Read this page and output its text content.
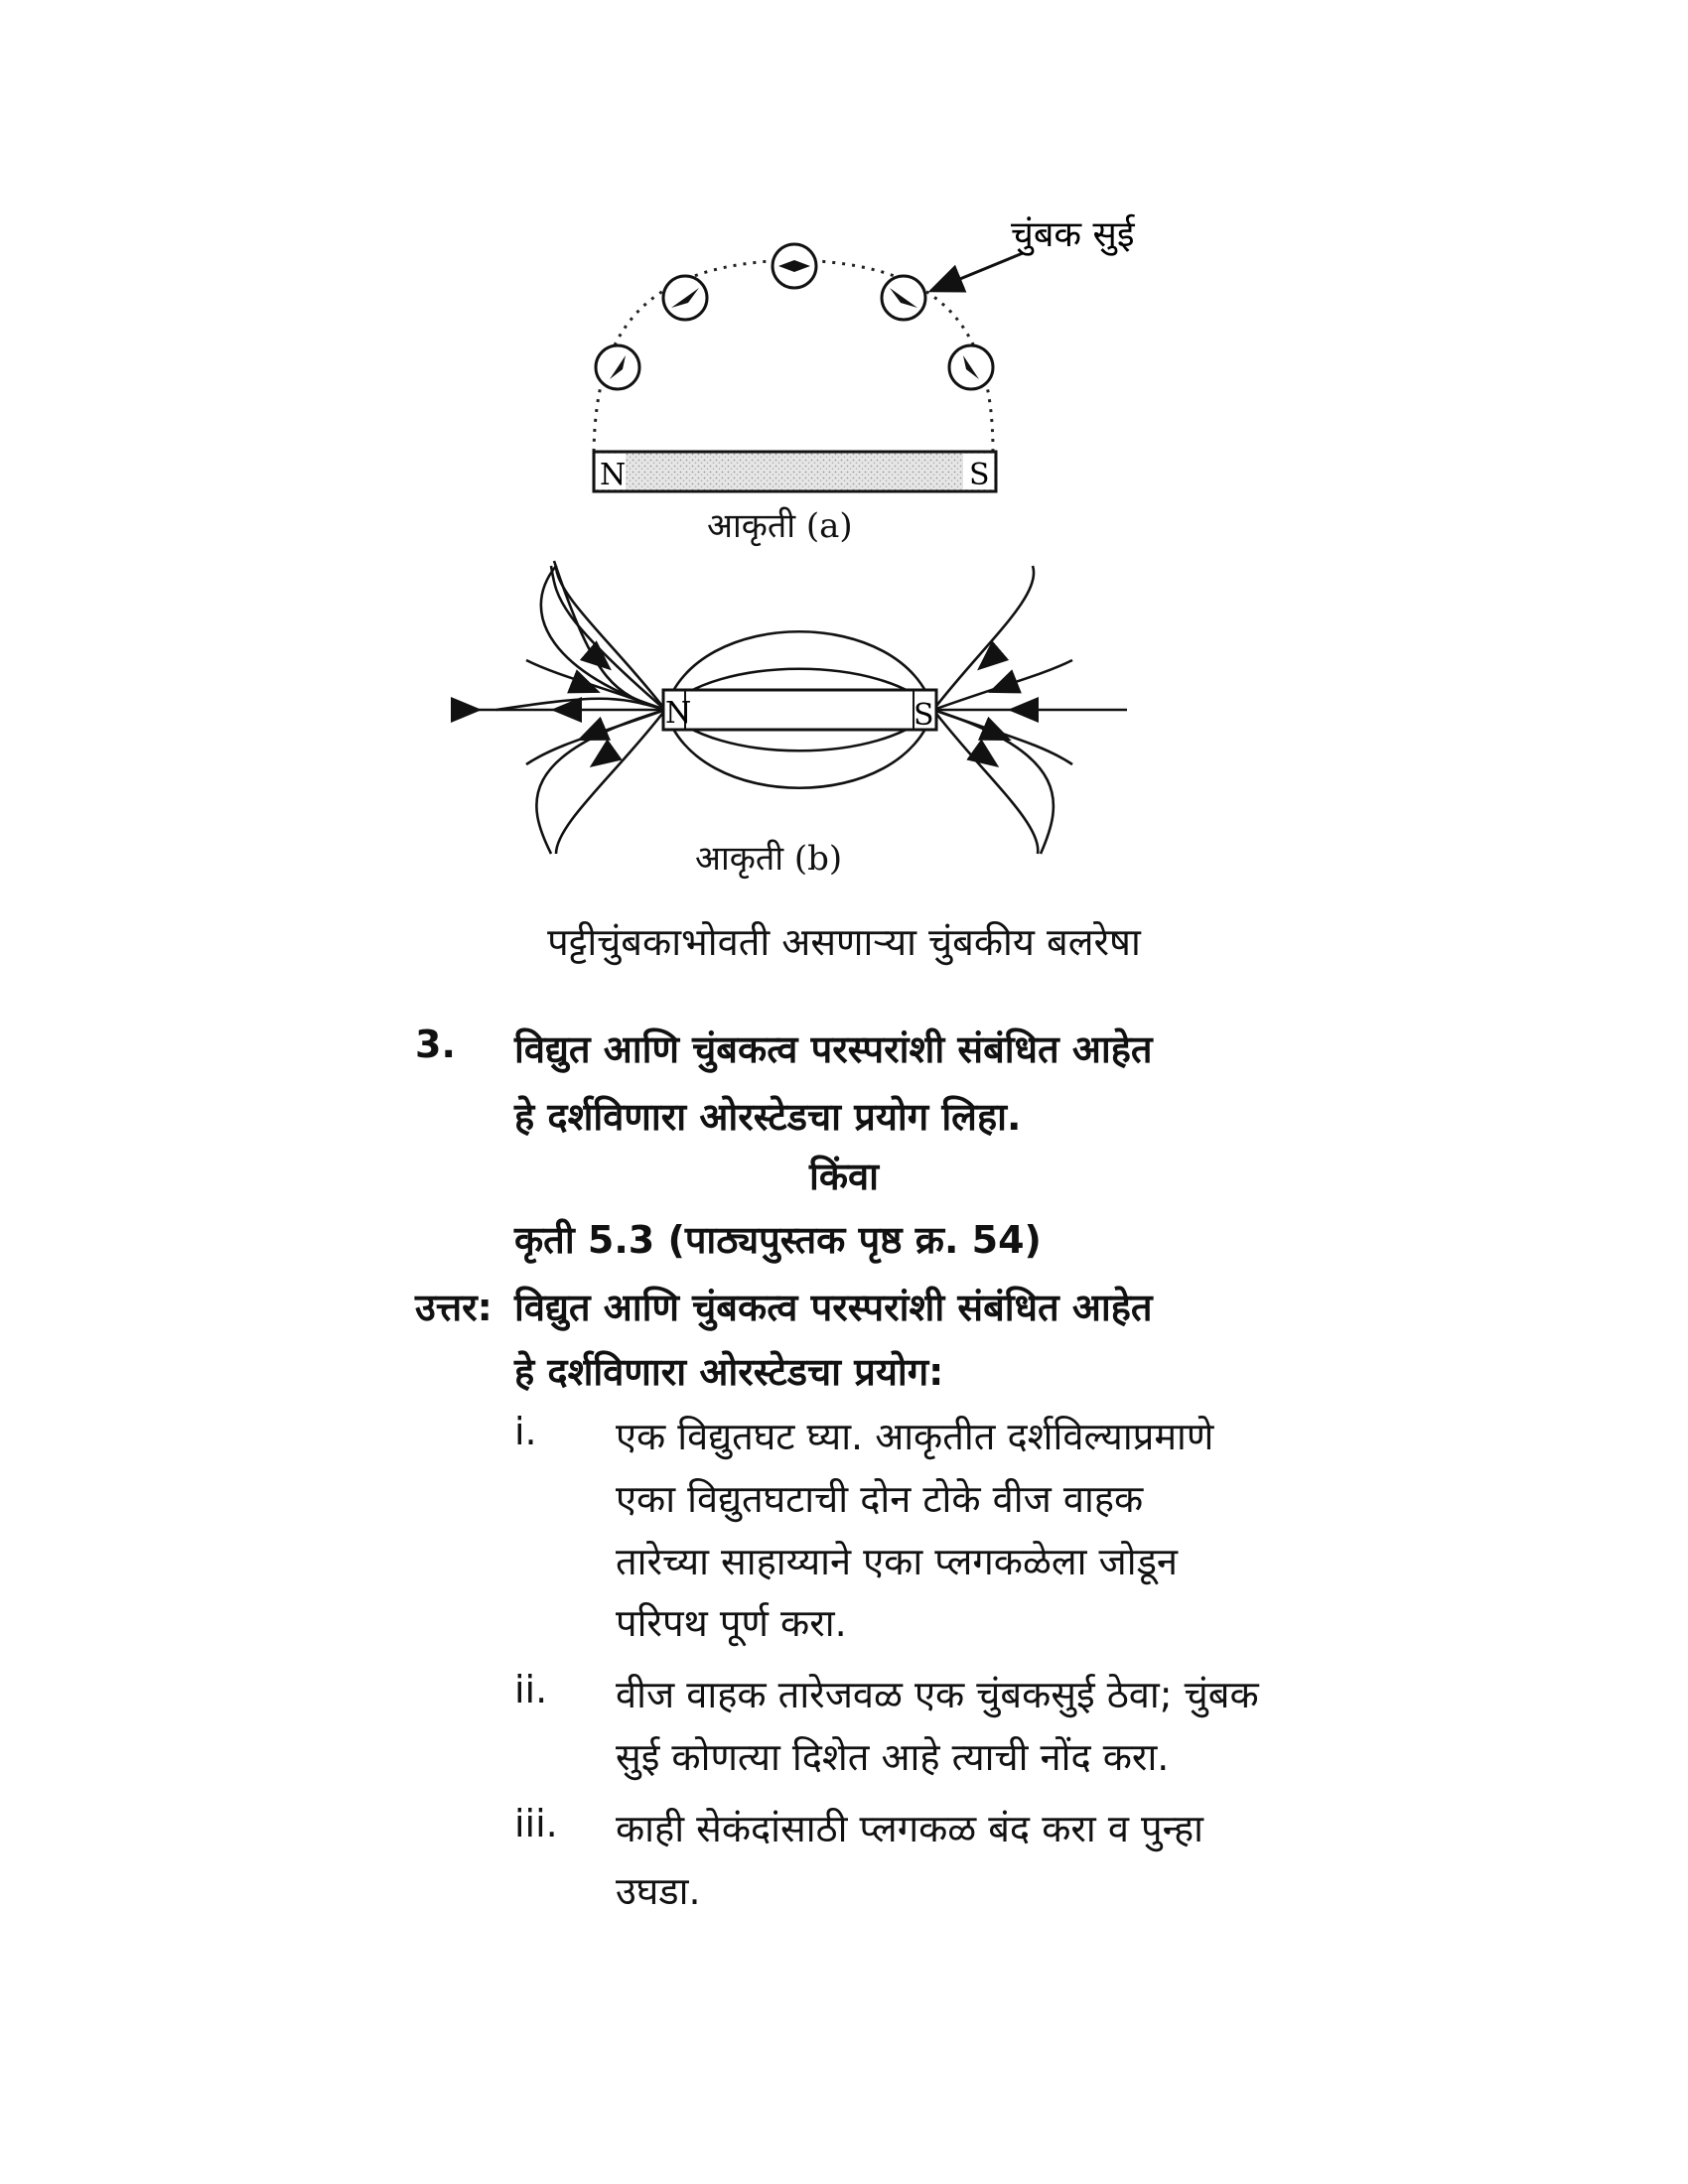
N	S
चुंबक सुई
N	S
आकृती (a)
आकृती (b)
पट्टीचुंबकाभोवती असणाऱ्या चुंबकीय बलरेषा
3. विद्युत आणि चुंबकत्व परस्परांशी संबंधित आहेत
हे दर्शविणारा ओरस्टेडचा प्रयोग लिहा.
किंवा
कृती 5.3 (पाठ्यपुस्तक पृष्ठ क्र. 54)
उत्तर: विद्युत आणि चुंबकत्व परस्परांशी संबंधित आहेत
हे दर्शविणारा ओरस्टेडचा प्रयोग:
i. एक विद्युतघट घ्या. आकृतीत दर्शविल्याप्रमाणे
एका विद्युतघटाची दोन टोके वीज वाहक
तारेच्या साहाय्याने एका प्लगकळेला जोडून
परिपथ पूर्ण करा.
ii. वीज वाहक तारेजवळ एक चुंबकसुई ठेवा; चुंबक
सुई कोणत्या दिशेत आहे त्याची नोंद करा.
iii. काही सेकंदांसाठी प्लगकळ बंद करा व पुन्हा
उघडा.
